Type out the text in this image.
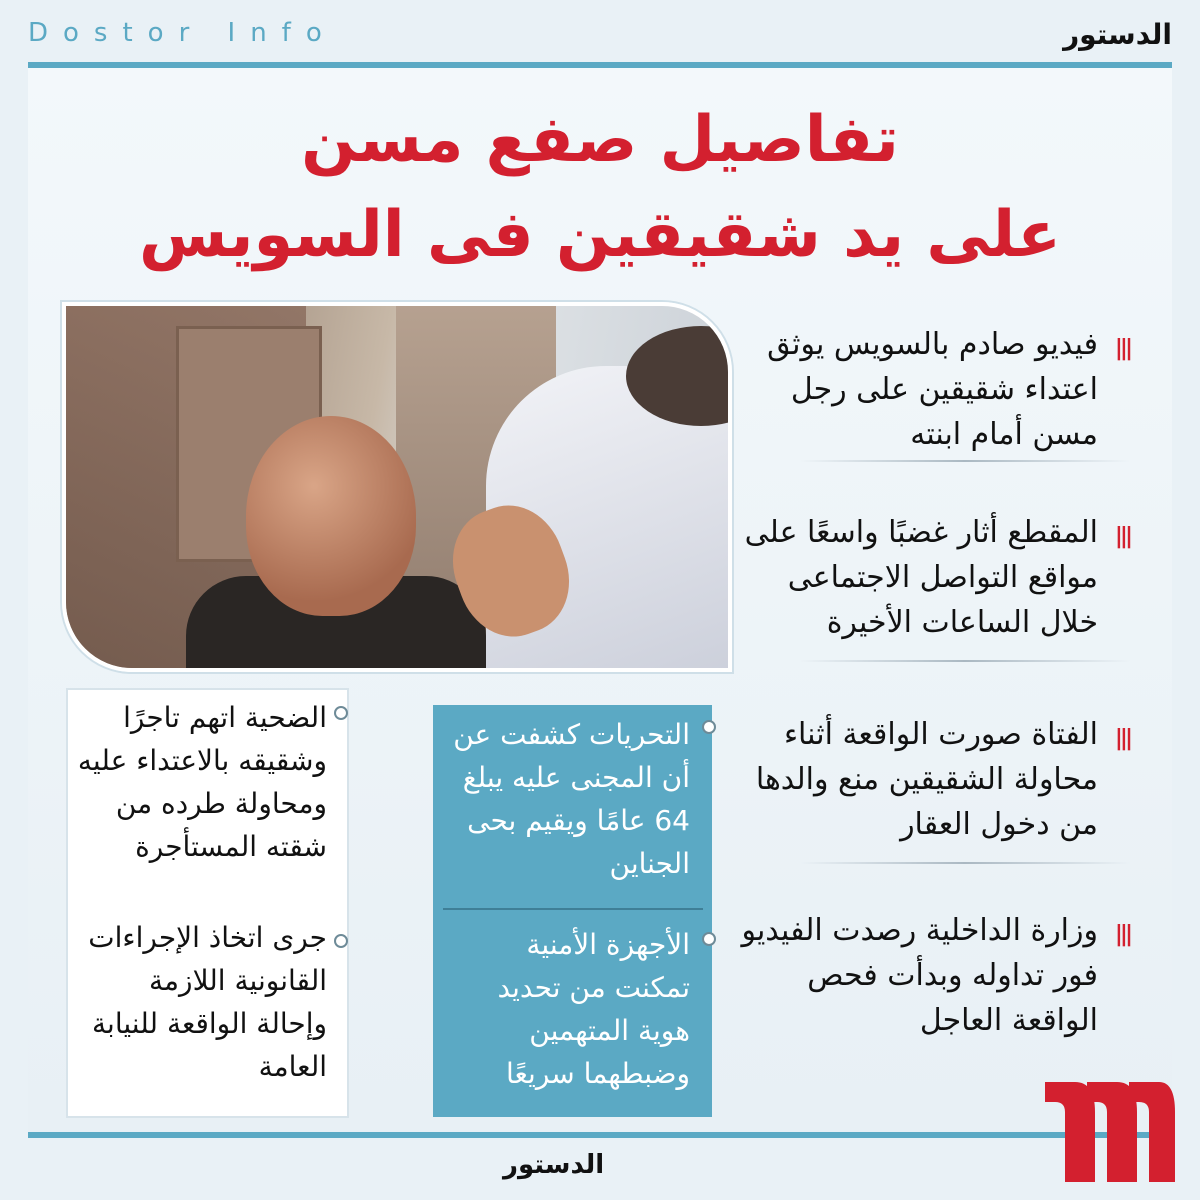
Dostor Info	الدستور
تفاصيل صفع مسن
على يد شقيقين فى السويس
|||
فيديو صادم بالسويس يوثق اعتداء شقيقين على رجل مسن أمام ابنته
|||
المقطع أثار غضبًا واسعًا على مواقع التواصل الاجتماعى خلال الساعات الأخيرة
|||
الفتاة صورت الواقعة أثناء محاولة الشقيقين منع والدها من دخول العقار
|||
وزارة الداخلية رصدت الفيديو فور تداوله وبدأت فحص الواقعة العاجل
التحريات كشفت عن أن المجنى عليه يبلغ 64 عامًا ويقيم بحى الجناين
الأجهزة الأمنية تمكنت من تحديد هوية المتهمين وضبطهما سريعًا
الضحية اتهم تاجرًا وشقيقه بالاعتداء عليه ومحاولة طرده من شقته المستأجرة
جرى اتخاذ الإجراءات القانونية اللازمة وإحالة الواقعة للنيابة العامة
الدستور
